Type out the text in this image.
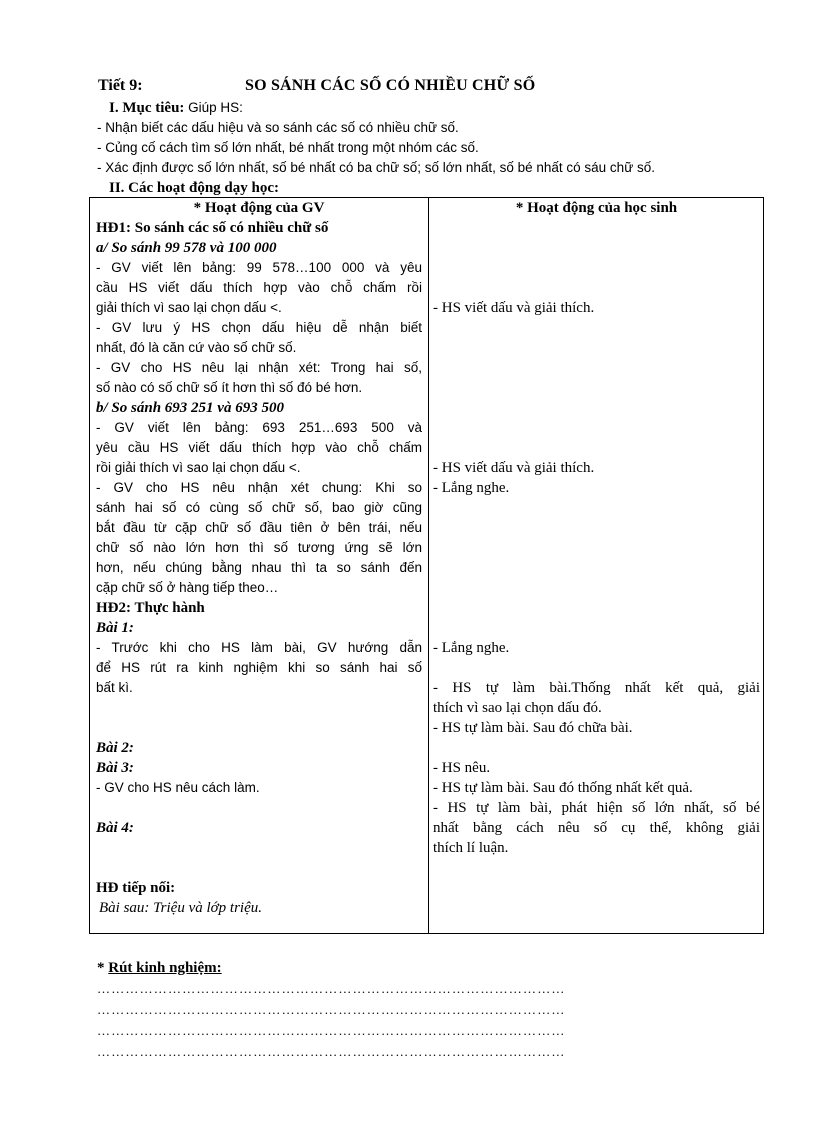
Tiết 9:	SO SÁNH CÁC SỐ CÓ NHIỀU CHỮ SỐ
I. Mục tiêu: Giúp HS:
- Nhận biết các dấu hiệu và so sánh các số có nhiều chữ số.
- Củng cố cách tìm số lớn nhất, bé nhất trong một nhóm các số.
- Xác định được số lớn nhất, số bé nhất có ba chữ số; số lớn nhất, số bé nhất có sáu chữ số.
II. Các hoạt động dạy học:
* Hoạt động của GV
HĐ1: So sánh các số có nhiều chữ số
a/ So sánh 99 578 và 100 000
- GV viết lên bảng: 99 578…100 000 và yêu
cầu HS viết dấu thích hợp vào chỗ chấm rồi
giải thích vì sao lại chọn dấu <.
- GV lưu ý HS chọn dấu hiệu dễ nhận biết
nhất, đó là căn cứ vào số chữ số.
- GV cho HS nêu lại nhận xét: Trong hai số,
số nào có số chữ số ít hơn thì số đó bé hơn.
b/ So sánh 693 251 và 693 500
- GV viết lên bảng: 693 251…693 500 và
yêu cầu HS viết dấu thích hợp vào chỗ chấm
rồi giải thích vì sao lại chọn dấu <.
- GV cho HS nêu nhận xét chung: Khi so
sánh hai số có cùng số chữ số, bao giờ cũng
bắt đầu từ cặp chữ số đầu tiên ở bên trái, nếu
chữ số nào lớn hơn thì số tương ứng sẽ lớn
hơn, nếu chúng bằng nhau thì ta so sánh đến
cặp chữ số ở hàng tiếp theo…
HĐ2: Thực hành
Bài 1:
- Trước khi cho HS làm bài, GV hướng dẫn
để HS rút ra kinh nghiệm khi so sánh hai số
bất kì.
Bài 2:
Bài 3:
- GV cho HS nêu cách làm.
Bài 4:
HĐ tiếp nối:
Bài sau: Triệu và lớp triệu.
* Hoạt động của học sinh
- HS viết dấu và giải thích.
- HS viết dấu và giải thích.
- Lắng nghe.
- Lắng nghe.
- HS tự làm bài.Thống nhất kết quả, giải
thích vì sao lại chọn dấu đó.
- HS tự làm bài. Sau đó chữa bài.
- HS nêu.
- HS tự làm bài. Sau đó thống nhất kết quả.
- HS tự làm bài, phát hiện số lớn nhất, số bé
nhất bằng cách nêu số cụ thể, không giải
thích lí luận.
* Rút kinh nghiệm:
………………………………………………………………………………………
………………………………………………………………………………………
………………………………………………………………………………………
………………………………………………………………………………………
